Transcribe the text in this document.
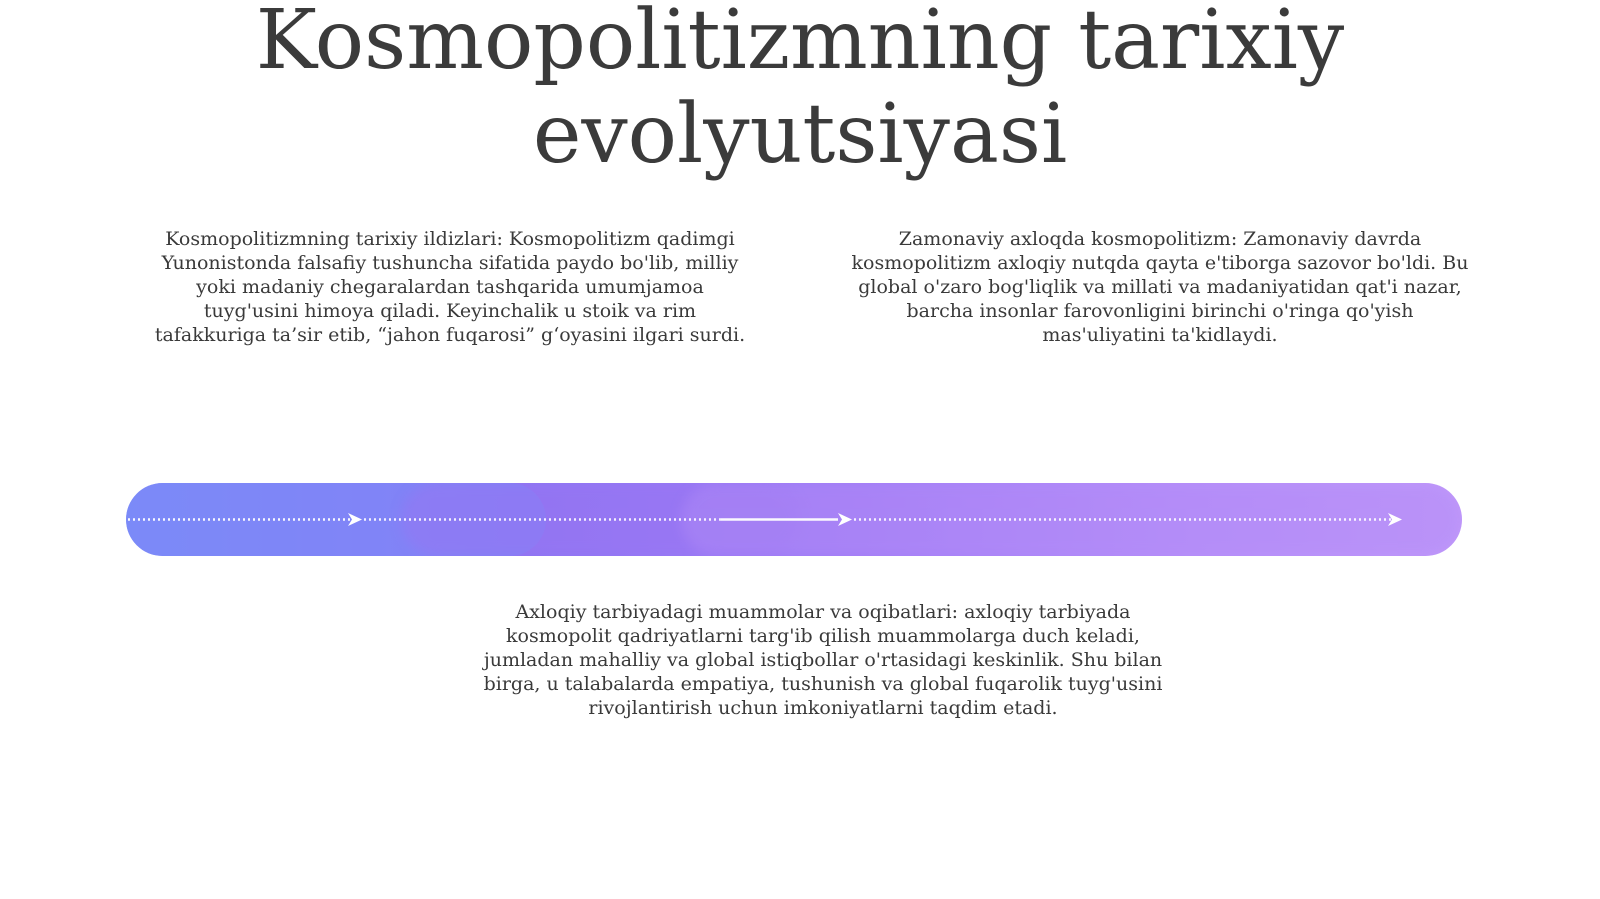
Kosmopolitizmning tarixiy evolyutsiyasi

Kosmopolitizmning tarixiy ildizlari: Kosmopolitizm qadimgi Yunonistonda falsafiy tushuncha sifatida paydo bo'lib, milliy yoki madaniy chegaralardan tashqarida umumjamoa tuyg'usini himoya qiladi. Keyinchalik u stoik va rim tafakkuriga ta’sir etib, “jahon fuqarosi” g‘oyasini ilgari surdi.

Zamonaviy axloqda kosmopolitizm: Zamonaviy davrda kosmopolitizm axloqiy nutqda qayta e'tiborga sazovor bo'ldi. Bu global o'zaro bog'liqlik va millati va madaniyatidan qat'i nazar, barcha insonlar farovonligini birinchi o'ringa qo'yish mas'uliyatini ta'kidlaydi.

Axloqiy tarbiyadagi muammolar va oqibatlari: axloqiy tarbiyada kosmopolit qadriyatlarni targ'ib qilish muammolarga duch keladi, jumladan mahalliy va global istiqbollar o'rtasidagi keskinlik. Shu bilan birga, u talabalarda empatiya, tushunish va global fuqarolik tuyg'usini rivojlantirish uchun imkoniyatlarni taqdim etadi.
